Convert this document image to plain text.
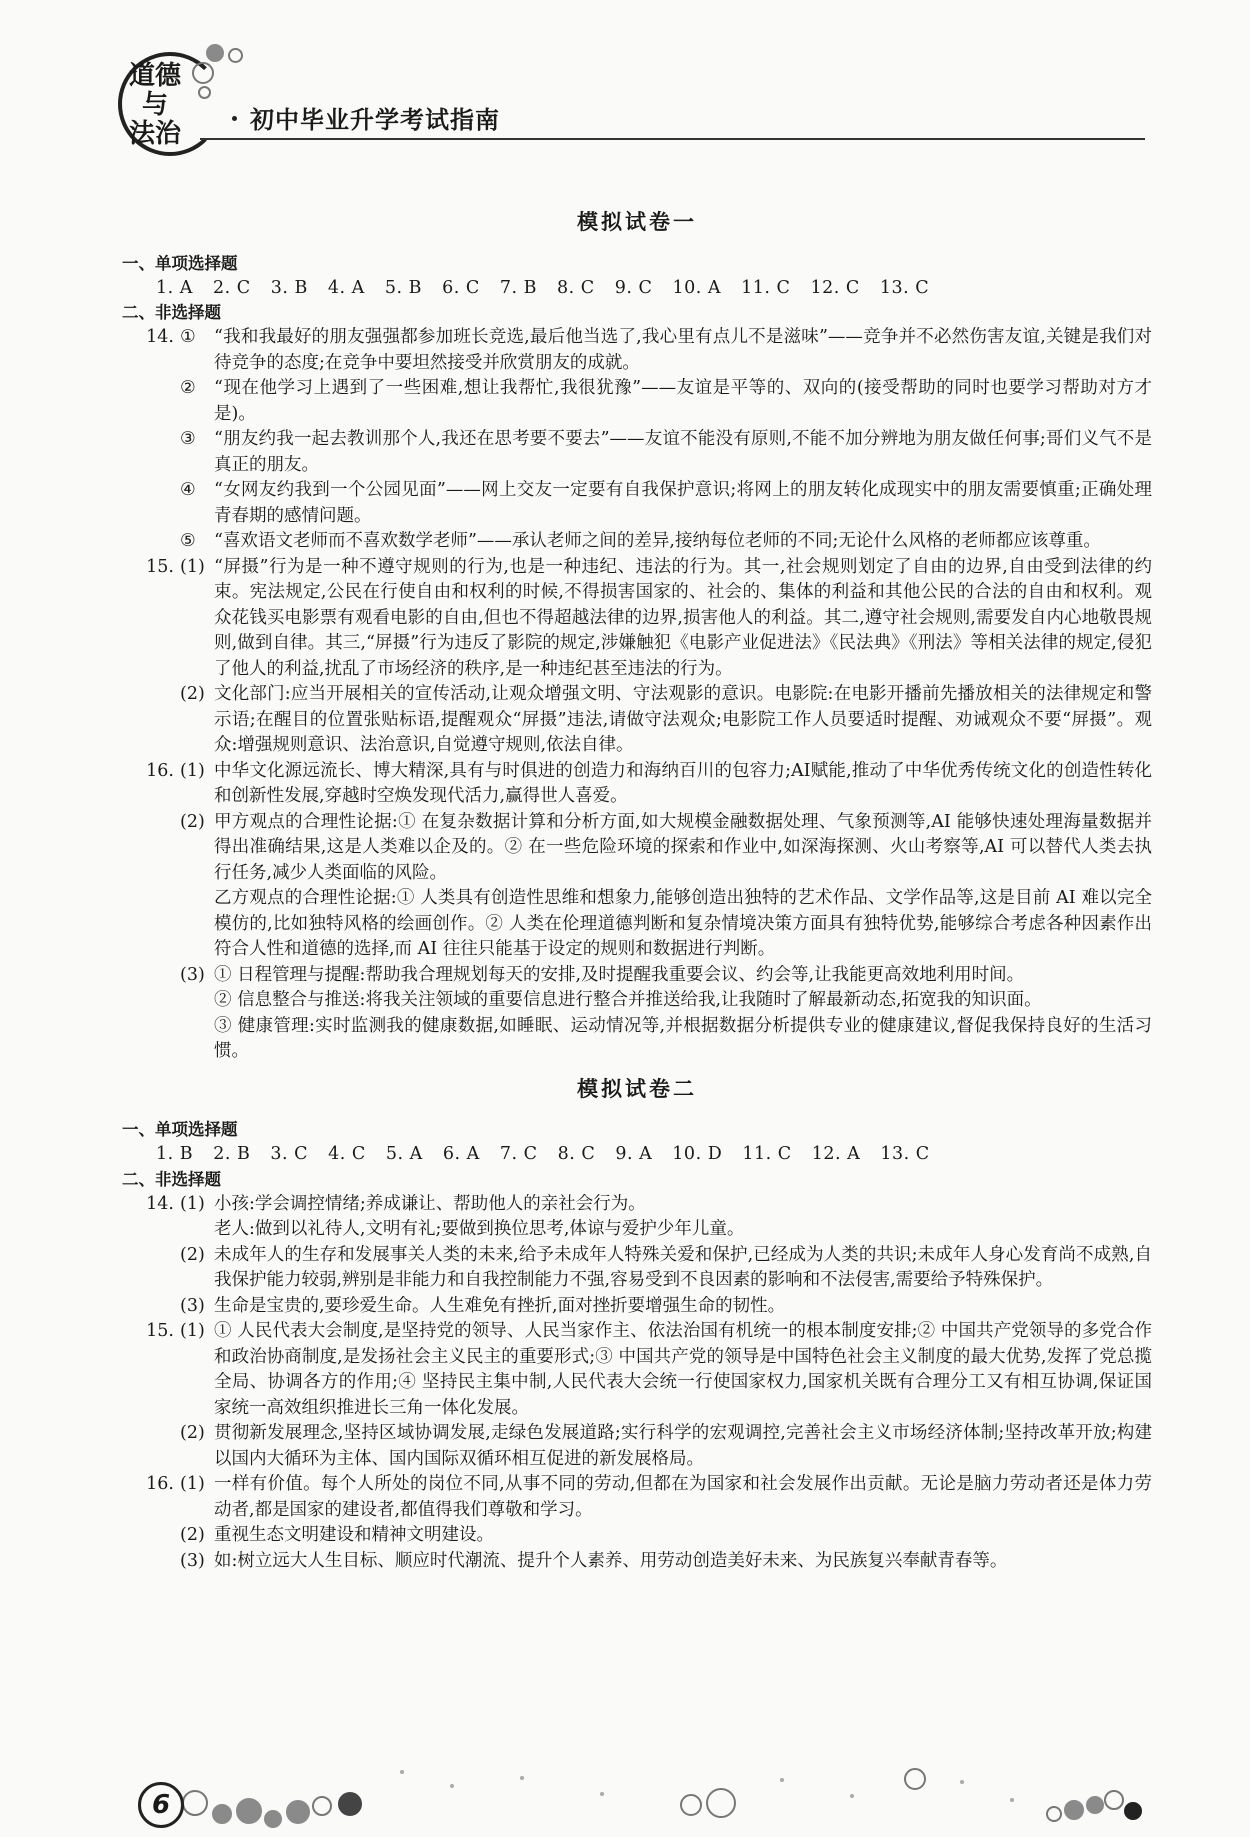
道德
与
法治	初中毕业升学考试指南
模拟试卷一
一、单项选择题
1. A 2. C 3. B 4. A 5. B 6. C 7. B 8. C 9. C 10. A 11. C 12. C 13. C
二、非选择题
14. ①	“我和我最好的朋友强强都参加班长竞选,最后他当选了,我心里有点儿不是滋味”——竞争并不必然伤害友谊,关键是我们对待竞争的态度;在竞争中要坦然接受并欣赏朋友的成就。
②	“现在他学习上遇到了一些困难,想让我帮忙,我很犹豫”——友谊是平等的、双向的(接受帮助的同时也要学习帮助对方才是)。
③	“朋友约我一起去教训那个人,我还在思考要不要去”——友谊不能没有原则,不能不加分辨地为朋友做任何事;哥们义气不是真正的朋友。
④	“女网友约我到一个公园见面”——网上交友一定要有自我保护意识;将网上的朋友转化成现实中的朋友需要慎重;正确处理青春期的感情问题。
⑤	“喜欢语文老师而不喜欢数学老师”——承认老师之间的差异,接纳每位老师的不同;无论什么风格的老师都应该尊重。
15. (1) “屏摄”行为是一种不遵守规则的行为,也是一种违纪、违法的行为。其一,社会规则划定了自由的边界,自由受到法律的约束。宪法规定,公民在行使自由和权利的时候,不得损害国家的、社会的、集体的利益和其他公民的合法的自由和权利。观众花钱买电影票有观看电影的自由,但也不得超越法律的边界,损害他人的利益。其二,遵守社会规则,需要发自内心地敬畏规则,做到自律。其三,“屏摄”行为违反了影院的规定,涉嫌触犯《电影产业促进法》《民法典》《刑法》等相关法律的规定,侵犯了他人的利益,扰乱了市场经济的秩序,是一种违纪甚至违法的行为。
(2) 文化部门:应当开展相关的宣传活动,让观众增强文明、守法观影的意识。电影院:在电影开播前先播放相关的法律规定和警示语;在醒目的位置张贴标语,提醒观众“屏摄”违法,请做守法观众;电影院工作人员要适时提醒、劝诫观众不要“屏摄”。观众:增强规则意识、法治意识,自觉遵守规则,依法自律。
16. (1) 中华文化源远流长、博大精深,具有与时俱进的创造力和海纳百川的包容力;AI赋能,推动了中华优秀传统文化的创造性转化和创新性发展,穿越时空焕发现代活力,赢得世人喜爱。
(2) 甲方观点的合理性论据:① 在复杂数据计算和分析方面,如大规模金融数据处理、气象预测等,AI 能够快速处理海量数据并得出准确结果,这是人类难以企及的。② 在一些危险环境的探索和作业中,如深海探测、火山考察等,AI 可以替代人类去执行任务,减少人类面临的风险。
乙方观点的合理性论据:① 人类具有创造性思维和想象力,能够创造出独特的艺术作品、文学作品等,这是目前 AI 难以完全模仿的,比如独特风格的绘画创作。② 人类在伦理道德判断和复杂情境决策方面具有独特优势,能够综合考虑各种因素作出符合人性和道德的选择,而 AI 往往只能基于设定的规则和数据进行判断。
(3) ① 日程管理与提醒:帮助我合理规划每天的安排,及时提醒我重要会议、约会等,让我能更高效地利用时间。
② 信息整合与推送:将我关注领域的重要信息进行整合并推送给我,让我随时了解最新动态,拓宽我的知识面。
③ 健康管理:实时监测我的健康数据,如睡眠、运动情况等,并根据数据分析提供专业的健康建议,督促我保持良好的生活习惯。
模拟试卷二
一、单项选择题
1. B 2. B 3. C 4. C 5. A 6. A 7. C 8. C 9. A 10. D 11. C 12. A 13. C
二、非选择题
14. (1) 小孩:学会调控情绪;养成谦让、帮助他人的亲社会行为。
老人:做到以礼待人,文明有礼;要做到换位思考,体谅与爱护少年儿童。
(2) 未成年人的生存和发展事关人类的未来,给予未成年人特殊关爱和保护,已经成为人类的共识;未成年人身心发育尚不成熟,自我保护能力较弱,辨别是非能力和自我控制能力不强,容易受到不良因素的影响和不法侵害,需要给予特殊保护。
(3) 生命是宝贵的,要珍爱生命。人生难免有挫折,面对挫折要增强生命的韧性。
15. (1) ① 人民代表大会制度,是坚持党的领导、人民当家作主、依法治国有机统一的根本制度安排;② 中国共产党领导的多党合作和政治协商制度,是发扬社会主义民主的重要形式;③ 中国共产党的领导是中国特色社会主义制度的最大优势,发挥了党总揽全局、协调各方的作用;④ 坚持民主集中制,人民代表大会统一行使国家权力,国家机关既有合理分工又有相互协调,保证国家统一高效组织推进长三角一体化发展。
(2) 贯彻新发展理念,坚持区域协调发展,走绿色发展道路;实行科学的宏观调控,完善社会主义市场经济体制;坚持改革开放;构建以国内大循环为主体、国内国际双循环相互促进的新发展格局。
16. (1) 一样有价值。每个人所处的岗位不同,从事不同的劳动,但都在为国家和社会发展作出贡献。无论是脑力劳动者还是体力劳动者,都是国家的建设者,都值得我们尊敬和学习。
(2) 重视生态文明建设和精神文明建设。
(3) 如:树立远大人生目标、顺应时代潮流、提升个人素养、用劳动创造美好未来、为民族复兴奉献青春等。
6
